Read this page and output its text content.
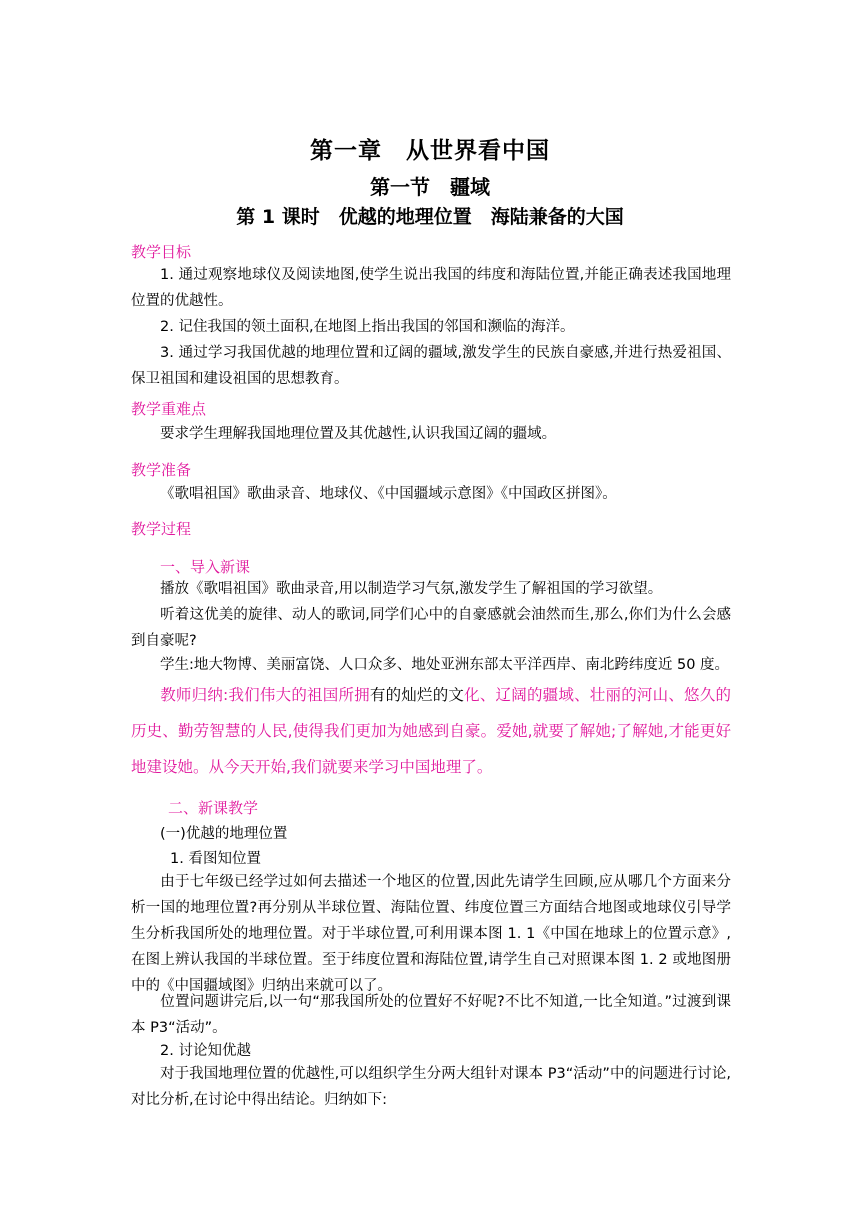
第一章　从世界看中国
第一节　疆域
第 1 课时　优越的地理位置　海陆兼备的大国
教学目标
1. 通过观察地球仪及阅读地图,使学生说出我国的纬度和海陆位置,并能正确表述我国地理位置的优越性。
2. 记住我国的领土面积,在地图上指出我国的邻国和濒临的海洋。
3. 通过学习我国优越的地理位置和辽阔的疆域,激发学生的民族自豪感,并进行热爱祖国、保卫祖国和建设祖国的思想教育。
教学重难点
要求学生理解我国地理位置及其优越性,认识我国辽阔的疆域。
教学准备
《歌唱祖国》歌曲录音、地球仪、《中国疆域示意图》《中国政区拼图》。
教学过程
一、导入新课
播放《歌唱祖国》歌曲录音,用以制造学习气氛,激发学生了解祖国的学习欲望。
听着这优美的旋律、动人的歌词,同学们心中的自豪感就会油然而生,那么,你们为什么会感到自豪呢?
学生:地大物博、美丽富饶、人口众多、地处亚洲东部太平洋西岸、南北跨纬度近 50 度。
教师归纳:我们伟大的祖国所拥有的灿烂的文化、辽阔的疆域、壮丽的河山、悠久的历史、勤劳智慧的人民,使得我们更加为她感到自豪。爱她,就要了解她;了解她,才能更好地建设她。从今天开始,我们就要来学习中国地理了。
二、新课教学
(一)优越的地理位置
1. 看图知位置
由于七年级已经学过如何去描述一个地区的位置,因此先请学生回顾,应从哪几个方面来分析一国的地理位置?再分别从半球位置、海陆位置、纬度位置三方面结合地图或地球仪引导学生分析我国所处的地理位置。对于半球位置,可利用课本图 1. 1《中国在地球上的位置示意》,在图上辨认我国的半球位置。至于纬度位置和海陆位置,请学生自己对照课本图 1. 2 或地图册中的《中国疆域图》归纳出来就可以了。
位置问题讲完后,以一句“那我国所处的位置好不好呢?不比不知道,一比全知道。”过渡到课本 P3“活动”。
2. 讨论知优越
对于我国地理位置的优越性,可以组织学生分两大组针对课本 P3“活动”中的问题进行讨论,对比分析,在讨论中得出结论。归纳如下:
